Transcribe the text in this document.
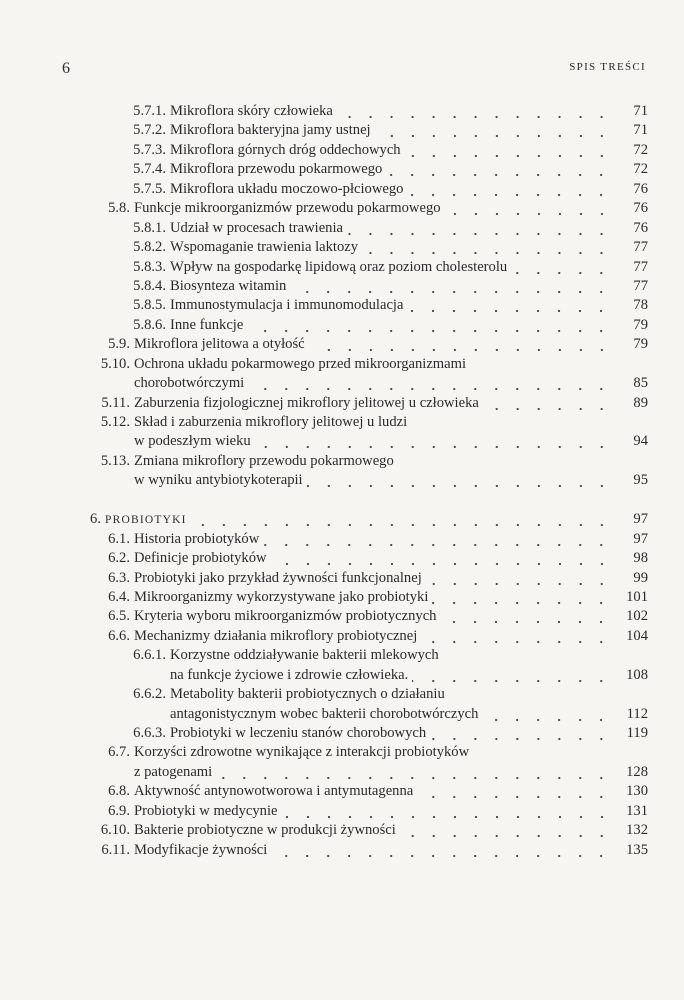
6	SPIS TREŚCI
5.7.1. Mikroflora skóry człowieka	71
5.7.2. Mikroflora bakteryjna jamy ustnej	71
5.7.3. Mikroflora górnych dróg oddechowych	72
5.7.4. Mikroflora przewodu pokarmowego	72
5.7.5. Mikroflora układu moczowo-płciowego	76
5.8. Funkcje mikroorganizmów przewodu pokarmowego	76
5.8.1. Udział w procesach trawienia	76
5.8.2. Wspomaganie trawienia laktozy	77
5.8.3. Wpływ na gospodarkę lipidową oraz poziom cholesterolu	77
5.8.4. Biosynteza witamin	77
5.8.5. Immunostymulacja i immunomodulacja	78
5.8.6. Inne funkcje	79
5.9. Mikroflora jelitowa a otyłość	79
5.10. Ochrona układu pokarmowego przed mikroorganizmami
chorobotwórczymi	85
5.11. Zaburzenia fizjologicznej mikroflory jelitowej u człowieka	89
5.12. Skład i zaburzenia mikroflory jelitowej u ludzi
w podeszłym wieku	94
5.13. Zmiana mikroflory przewodu pokarmowego
w wyniku antybiotykoterapii	95
6. PROBIOTYKI	97
6.1. Historia probiotyków	97
6.2. Definicje probiotyków	98
6.3. Probiotyki jako przykład żywności funkcjonalnej	99
6.4. Mikroorganizmy wykorzystywane jako probiotyki	101
6.5. Kryteria wyboru mikroorganizmów probiotycznych	102
6.6. Mechanizmy działania mikroflory probiotycznej	104
6.6.1. Korzystne oddziaływanie bakterii mlekowych
na funkcje życiowe i zdrowie człowieka.	108
6.6.2. Metabolity bakterii probiotycznych o działaniu
antagonistycznym wobec bakterii chorobotwórczych	112
6.6.3. Probiotyki w leczeniu stanów chorobowych	119
6.7. Korzyści zdrowotne wynikające z interakcji probiotyków
z patogenami	128
6.8. Aktywność antynowotworowa i antymutagenna	130
6.9. Probiotyki w medycynie	131
6.10. Bakterie probiotyczne w produkcji żywności	132
6.11. Modyfikacje żywności	135
